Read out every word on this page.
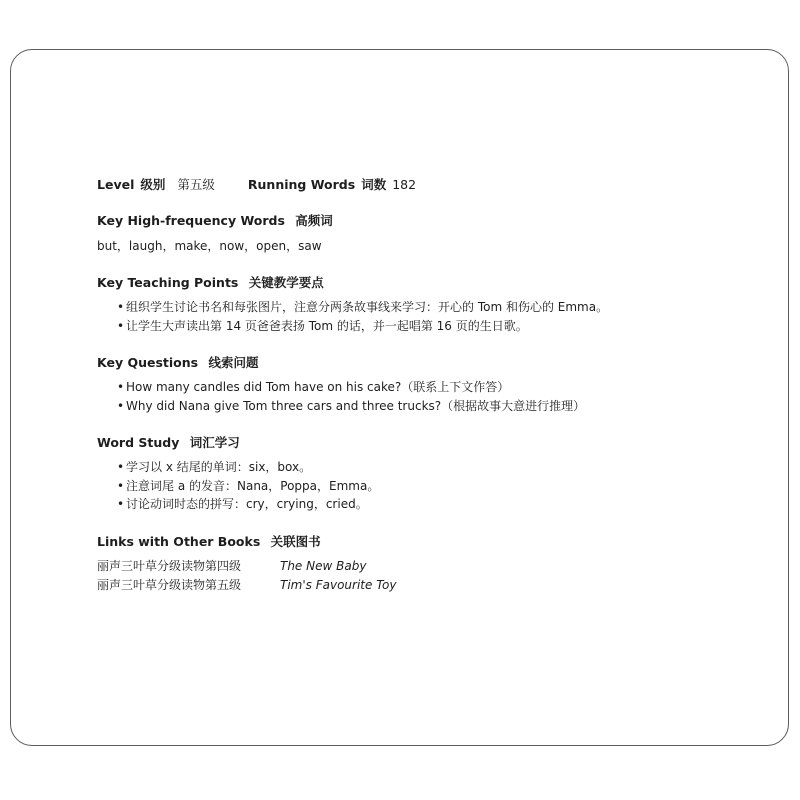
Level 级别 第五级	Running Words 词数 182
Key High-frequency Words 高频词
but，laugh，make，now，open，saw
Key Teaching Points 关键教学要点
• 组织学生讨论书名和每张图片，注意分两条故事线来学习：开心的 Tom 和伤心的 Emma。
• 让学生大声读出第 14 页爸爸表扬 Tom 的话，并一起唱第 16 页的生日歌。
Key Questions 线索问题
• How many candles did Tom have on his cake?（联系上下文作答）
• Why did Nana give Tom three cars and three trucks?（根据故事大意进行推理）
Word Study 词汇学习
• 学习以 x 结尾的单词：six，box。
• 注意词尾 a 的发音：Nana，Poppa，Emma。
• 讨论动词时态的拼写：cry，crying，cried。
Links with Other Books 关联图书
丽声三叶草分级读物第四级	The New Baby
丽声三叶草分级读物第五级	Tim's Favourite Toy
